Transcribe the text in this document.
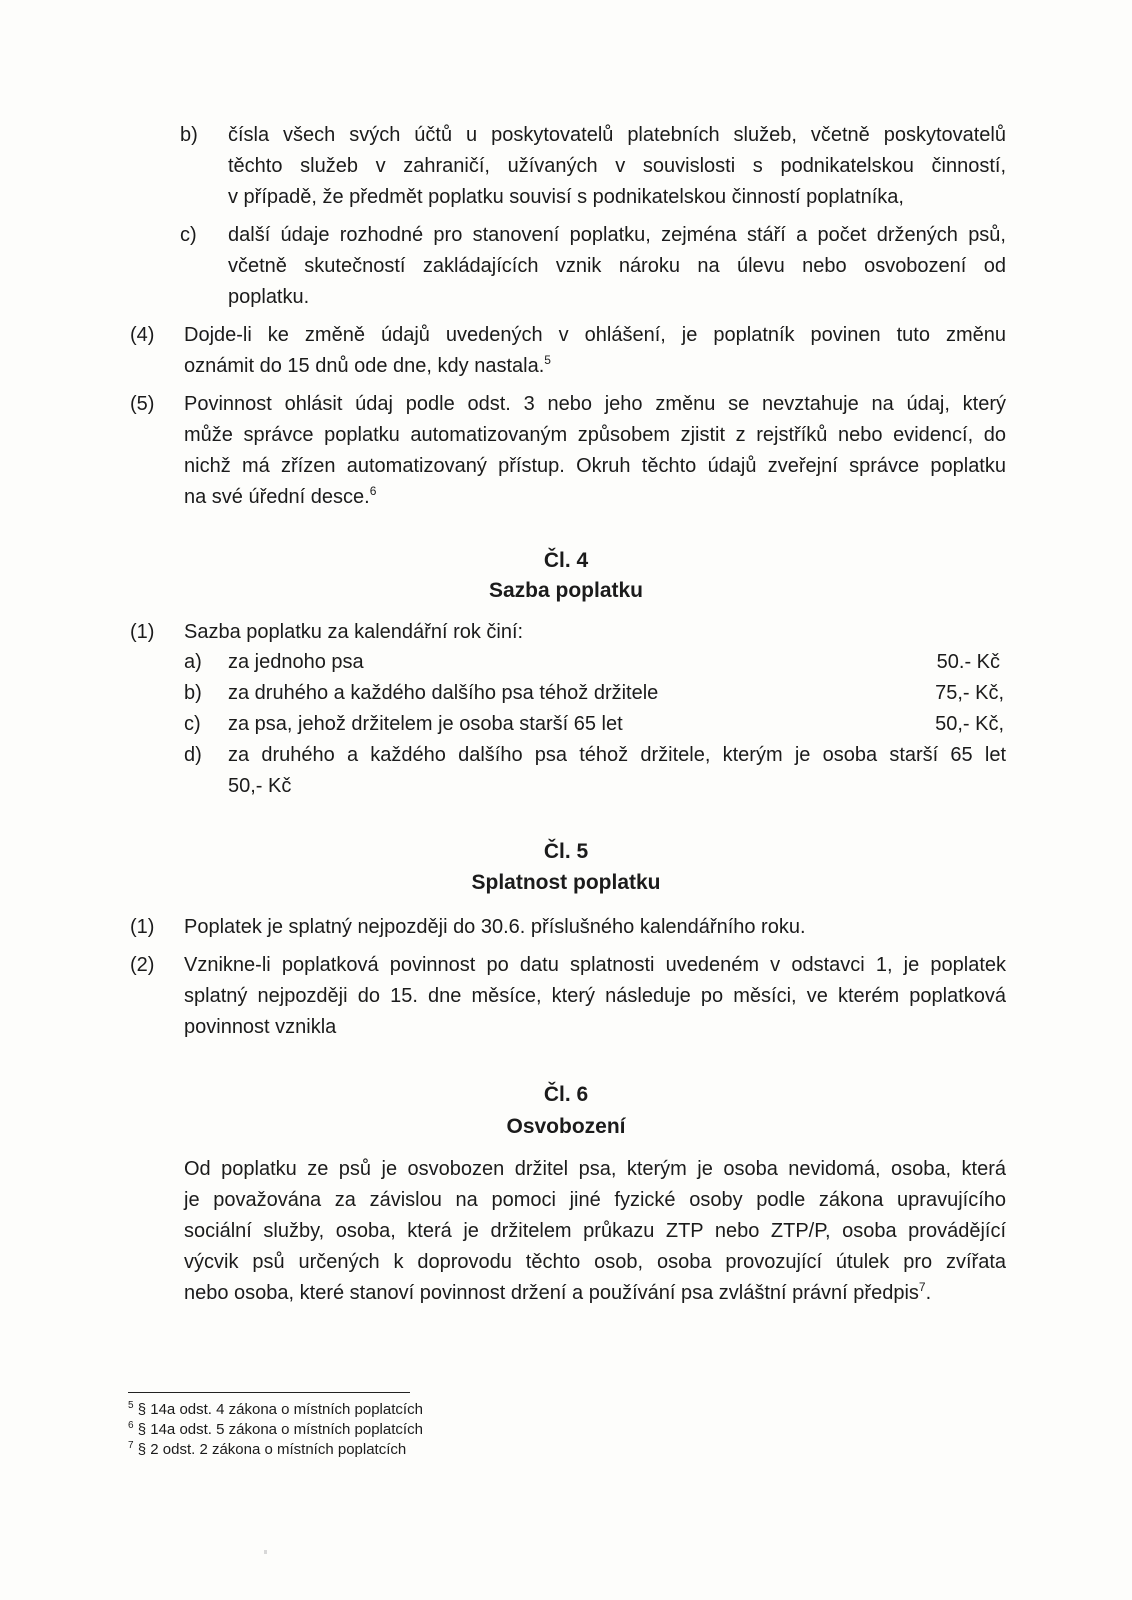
b) čísla všech svých účtů u poskytovatelů platebních služeb, včetně poskytovatelů
těchto služeb v zahraničí, užívaných v souvislosti s podnikatelskou činností,
v případě, že předmět poplatku souvisí s podnikatelskou činností poplatníka,
c) další údaje rozhodné pro stanovení poplatku, zejména stáří a počet držených psů,
včetně skutečností zakládajících vznik nároku na úlevu nebo osvobození od
poplatku.
(4) Dojde-li ke změně údajů uvedených v ohlášení, je poplatník povinen tuto změnu
oznámit do 15 dnů ode dne, kdy nastala.$^5$
(5) Povinnost ohlásit údaj podle odst. 3 nebo jeho změnu se nevztahuje na údaj, který
může správce poplatku automatizovaným způsobem zjistit z rejstříků nebo evidencí, do
nichž má zřízen automatizovaný přístup. Okruh těchto údajů zveřejní správce poplatku
na své úřední desce.$^6$
Čl. 4
Sazba poplatku
(1) Sazba poplatku za kalendářní rok činí:
a) za jednoho psa	50.- Kč
b) za druhého a každého dalšího psa téhož držitele	75,- Kč,
c) za psa, jehož držitelem je osoba starší 65 let	50,- Kč,
d) za druhého a každého dalšího psa téhož držitele, kterým je osoba starší 65 let
50,- Kč
Čl. 5
Splatnost poplatku
(1) Poplatek je splatný nejpozději do 30.6. příslušného kalendářního roku.
(2) Vznikne-li poplatková povinnost po datu splatnosti uvedeném v odstavci 1, je poplatek
splatný nejpozději do 15. dne měsíce, který následuje po měsíci, ve kterém poplatková
povinnost vznikla
Čl. 6
Osvobození
Od poplatku ze psů je osvobozen držitel psa, kterým je osoba nevidomá, osoba, která
je považována za závislou na pomoci jiné fyzické osoby podle zákona upravujícího
sociální služby, osoba, která je držitelem průkazu ZTP nebo ZTP/P, osoba provádějící
výcvik psů určených k doprovodu těchto osob, osoba provozující útulek pro zvířata
nebo osoba, které stanoví povinnost držení a používání psa zvláštní právní předpis$^7$.
$^5$ § 14a odst. 4 zákona o místních poplatcích
$^6$ § 14a odst. 5 zákona o místních poplatcích
$^7$ § 2 odst. 2 zákona o místních poplatcích
